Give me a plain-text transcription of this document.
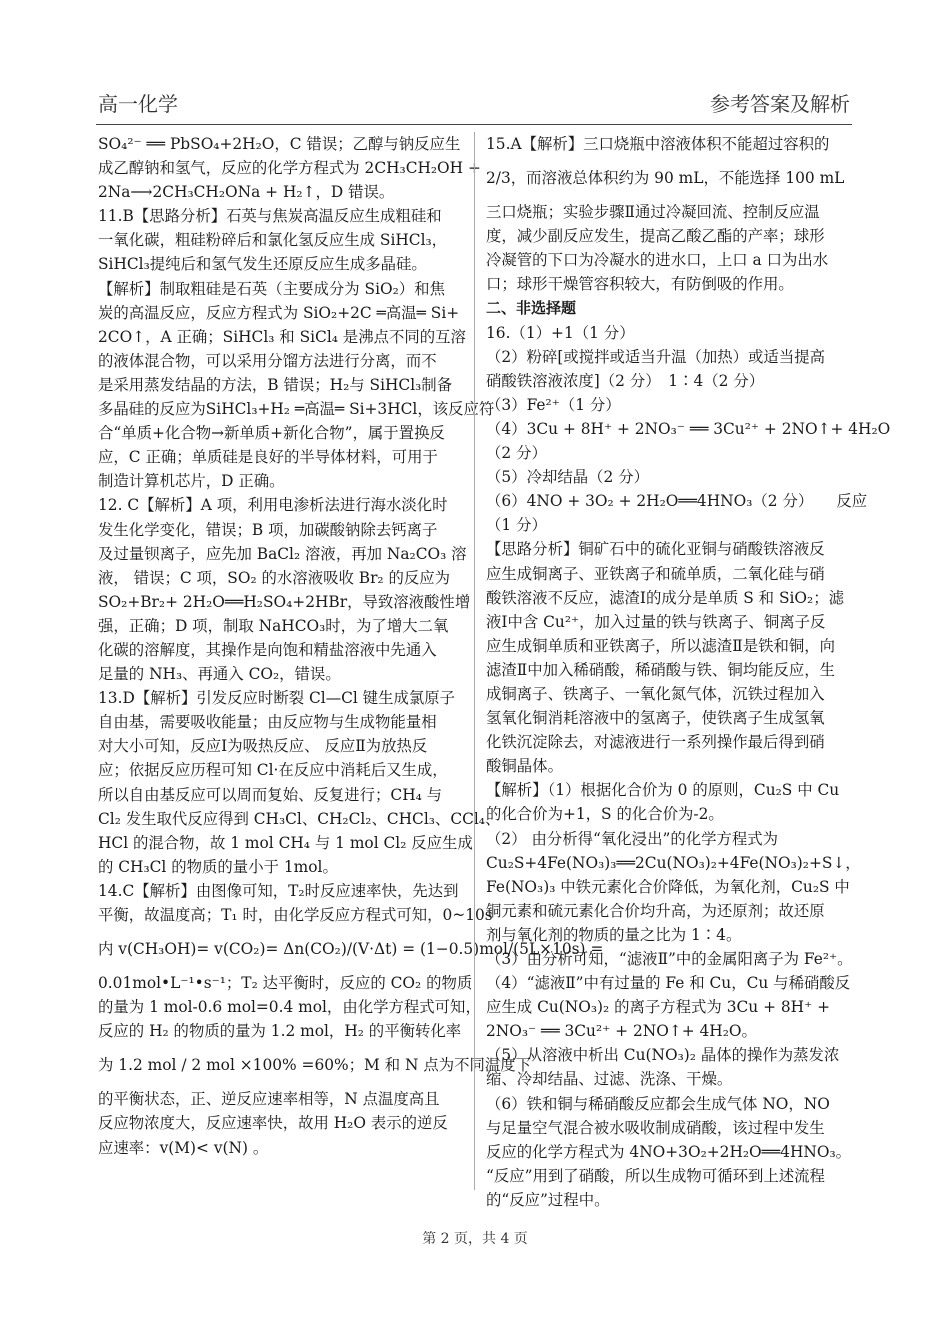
高一化学	参考答案及解析
SO₄²⁻ ══ PbSO₄+2H₂O，C 错误；乙醇与钠反应生
成乙醇钠和氢气，反应的化学方程式为 2CH₃CH₂OH +
2Na⟶2CH₃CH₂ONa + H₂↑，D 错误。
11.B【思路分析】石英与焦炭高温反应生成粗硅和
一氧化碳，粗硅粉碎后和氯化氢反应生成 SiHCl₃，
SiHCl₃提纯后和氢气发生还原反应生成多晶硅。
【解析】制取粗硅是石英（主要成分为 SiO₂）和焦
炭的高温反应，反应方程式为 SiO₂+2C ═高温═ Si+
2CO↑，A 正确；SiHCl₃ 和 SiCl₄ 是沸点不同的互溶
的液体混合物，可以采用分馏方法进行分离，而不
是采用蒸发结晶的方法，B 错误；H₂与 SiHCl₃制备
多晶硅的反应为SiHCl₃+H₂ ═高温═ Si+3HCl，该反应符
合“单质+化合物→新单质+新化合物”，属于置换反
应，C 正确；单质硅是良好的半导体材料，可用于
制造计算机芯片，D 正确。
12. C【解析】A 项，利用电渗析法进行海水淡化时
发生化学变化，错误；B 项，加碳酸钠除去钙离子
及过量钡离子，应先加 BaCl₂ 溶液，再加 Na₂CO₃ 溶
液， 错误；C 项，SO₂ 的水溶液吸收 Br₂ 的反应为
SO₂+Br₂+ 2H₂O══H₂SO₄+2HBr，导致溶液酸性增
强，正确；D 项，制取 NaHCO₃时，为了增大二氧
化碳的溶解度，其操作是向饱和精盐溶液中先通入
足量的 NH₃、再通入 CO₂，错误。
13.D【解析】引发反应时断裂 Cl—Cl 键生成氯原子
自由基，需要吸收能量；由反应物与生成物能量相
对大小可知，反应Ⅰ为吸热反应、 反应Ⅱ为放热反
应；依据反应历程可知 Cl·在反应中消耗后又生成，
所以自由基反应可以周而复始、反复进行；CH₄ 与
Cl₂ 发生取代反应得到 CH₃Cl、CH₂Cl₂、CHCl₃、CCl₄、
HCl 的混合物，故 1 mol CH₄ 与 1 mol Cl₂ 反应生成
的 CH₃Cl 的物质的量小于 1mol。
14.C【解析】由图像可知，T₂时反应速率快，先达到
平衡，故温度高；T₁ 时，由化学反应方程式可知，0~10s
内 v(CH₃OH)= v(CO₂)= Δn(CO₂)/(V·Δt) = (1−0.5)mol/(5L×10s) =
0.01mol•L⁻¹•s⁻¹；T₂ 达平衡时，反应的 CO₂ 的物质
的量为 1 mol-0.6 mol=0.4 mol，由化学方程式可知，
反应的 H₂ 的物质的量为 1.2 mol，H₂ 的平衡转化率
为 1.2 mol / 2 mol ×100% =60%；M 和 N 点为不同温度下
的平衡状态，正、逆反应速率相等，N 点温度高且
反应物浓度大，反应速率快，故用 H₂O 表示的逆反
应速率：v(M)< v(N) 。
15.A【解析】三口烧瓶中溶液体积不能超过容积的
2/3，而溶液总体积约为 90 mL，不能选择 100 mL
三口烧瓶；实验步骤Ⅱ通过冷凝回流、控制反应温
度，减少副反应发生，提高乙酸乙酯的产率；球形
冷凝管的下口为冷凝水的进水口，上口 a 口为出水
口；球形干燥管容积较大，有防倒吸的作用。
二、非选择题
16.（1）+1（1 分）
（2）粉碎[或搅拌或适当升温（加热）或适当提高
硝酸铁溶液浓度]（2 分）　1∶4（2 分）
（3）Fe²⁺（1 分）
（4）3Cu + 8H⁺ + 2NO₃⁻ ══ 3Cu²⁺ + 2NO↑+ 4H₂O
（2 分）
（5）冷却结晶（2 分）
（6）4NO + 3O₂ + 2H₂O══4HNO₃（2 分）　　反应
（1 分）
【思路分析】铜矿石中的硫化亚铜与硝酸铁溶液反
应生成铜离子、亚铁离子和硫单质，二氧化硅与硝
酸铁溶液不反应，滤渣Ⅰ的成分是单质 S 和 SiO₂；滤
液Ⅰ中含 Cu²⁺，加入过量的铁与铁离子、铜离子反
应生成铜单质和亚铁离子，所以滤渣Ⅱ是铁和铜，向
滤渣Ⅱ中加入稀硝酸，稀硝酸与铁、铜均能反应，生
成铜离子、铁离子、一氧化氮气体，沉铁过程加入
氢氧化铜消耗溶液中的氢离子，使铁离子生成氢氧
化铁沉淀除去，对滤液进行一系列操作最后得到硝
酸铜晶体。
【解析】（1）根据化合价为 0 的原则，Cu₂S 中 Cu
的化合价为+1，S 的化合价为-2。
（2） 由分析得“氧化浸出”的化学方程式为
Cu₂S+4Fe(NO₃)₃══2Cu(NO₃)₂+4Fe(NO₃)₂+S↓，
Fe(NO₃)₃ 中铁元素化合价降低，为氧化剂，Cu₂S 中
铜元素和硫元素化合价均升高，为还原剂；故还原
剂与氧化剂的物质的量之比为 1∶4。
（3）由分析可知，“滤液Ⅱ”中的金属阳离子为 Fe²⁺。
（4）“滤液Ⅱ”中有过量的 Fe 和 Cu，Cu 与稀硝酸反
应生成 Cu(NO₃)₂ 的离子方程式为 3Cu + 8H⁺ +
2NO₃⁻ ══ 3Cu²⁺ + 2NO↑+ 4H₂O。
（5）从溶液中析出 Cu(NO₃)₂ 晶体的操作为蒸发浓
缩、冷却结晶、过滤、洗涤、干燥。
（6）铁和铜与稀硝酸反应都会生成气体 NO，NO
与足量空气混合被水吸收制成硝酸，该过程中发生
反应的化学方程式为 4NO+3O₂+2H₂O══4HNO₃。
“反应”用到了硝酸，所以生成物可循环到上述流程
的“反应”过程中。
第 2 页，共 4 页
